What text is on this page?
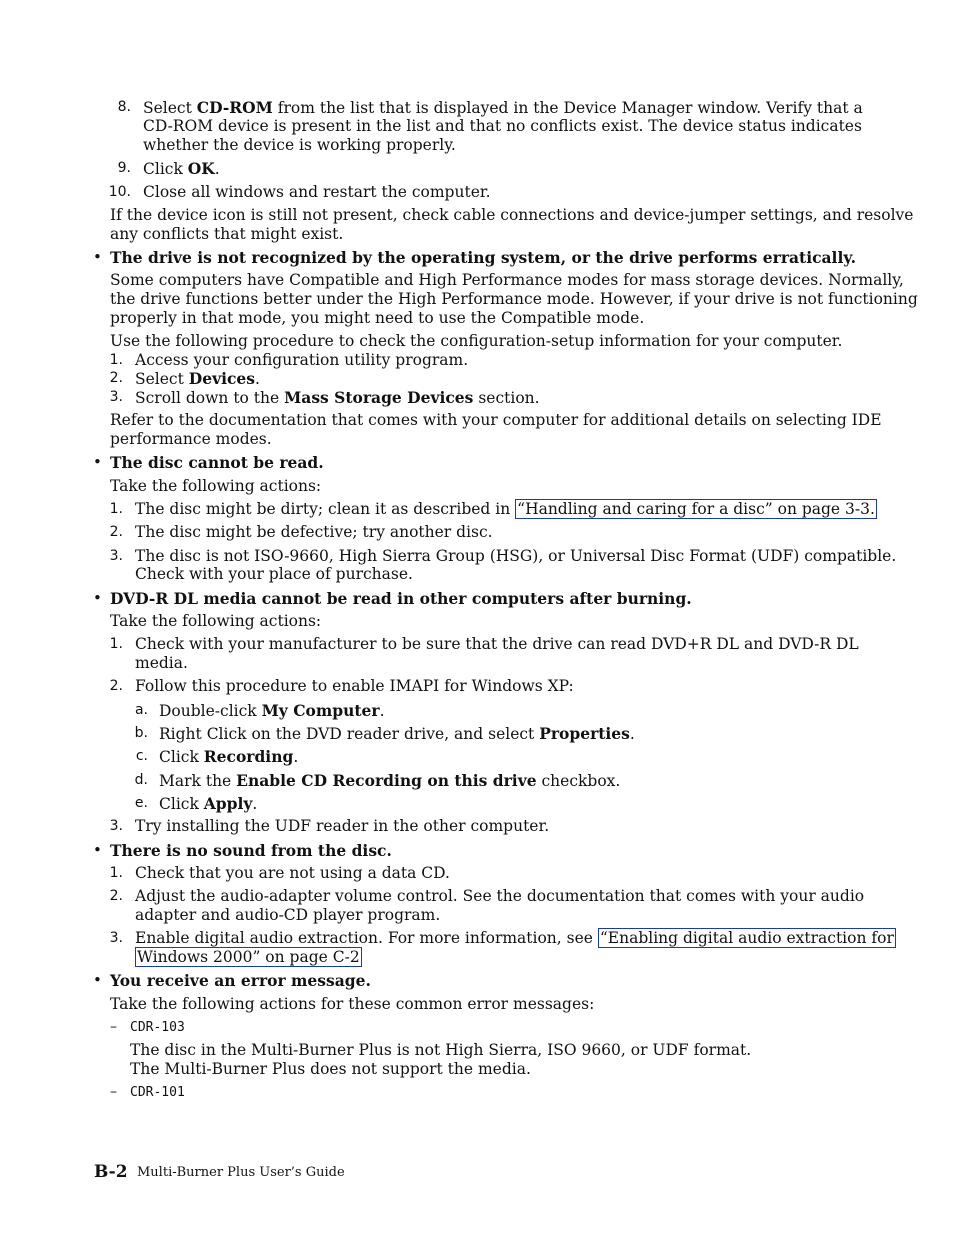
8. Select CD-ROM from the list that is displayed in the Device Manager window. Verify that a
CD-ROM device is present in the list and that no conflicts exist. The device status indicates
whether the device is working properly.
9. Click OK.
10. Close all windows and restart the computer.
If the device icon is still not present, check cable connections and device-jumper settings, and resolve
any conflicts that might exist.
• The drive is not recognized by the operating system, or the drive performs erratically.
Some computers have Compatible and High Performance modes for mass storage devices. Normally,
the drive functions better under the High Performance mode. However, if your drive is not functioning
properly in that mode, you might need to use the Compatible mode.
Use the following procedure to check the configuration-setup information for your computer.
1. Access your configuration utility program.
2. Select Devices.
3. Scroll down to the Mass Storage Devices section.
Refer to the documentation that comes with your computer for additional details on selecting IDE
performance modes.
• The disc cannot be read.
Take the following actions:
1. The disc might be dirty; clean it as described in “Handling and caring for a disc” on page 3-3.
2. The disc might be defective; try another disc.
3. The disc is not ISO-9660, High Sierra Group (HSG), or Universal Disc Format (UDF) compatible.
Check with your place of purchase.
• DVD-R DL media cannot be read in other computers after burning.
Take the following actions:
1. Check with your manufacturer to be sure that the drive can read DVD+R DL and DVD-R DL
media.
2. Follow this procedure to enable IMAPI for Windows XP:
a. Double-click My Computer.
b. Right Click on the DVD reader drive, and select Properties.
c. Click Recording.
d. Mark the Enable CD Recording on this drive checkbox.
e. Click Apply.
3. Try installing the UDF reader in the other computer.
• There is no sound from the disc.
1. Check that you are not using a data CD.
2. Adjust the audio-adapter volume control. See the documentation that comes with your audio
adapter and audio-CD player program.
3. Enable digital audio extraction. For more information, see “Enabling digital audio extraction for
Windows 2000” on page C-2
• You receive an error message.
Take the following actions for these common error messages:
– CDR-103
The disc in the Multi-Burner Plus is not High Sierra, ISO 9660, or UDF format.
The Multi-Burner Plus does not support the media.
– CDR-101
B-2 Multi-Burner Plus User’s Guide
